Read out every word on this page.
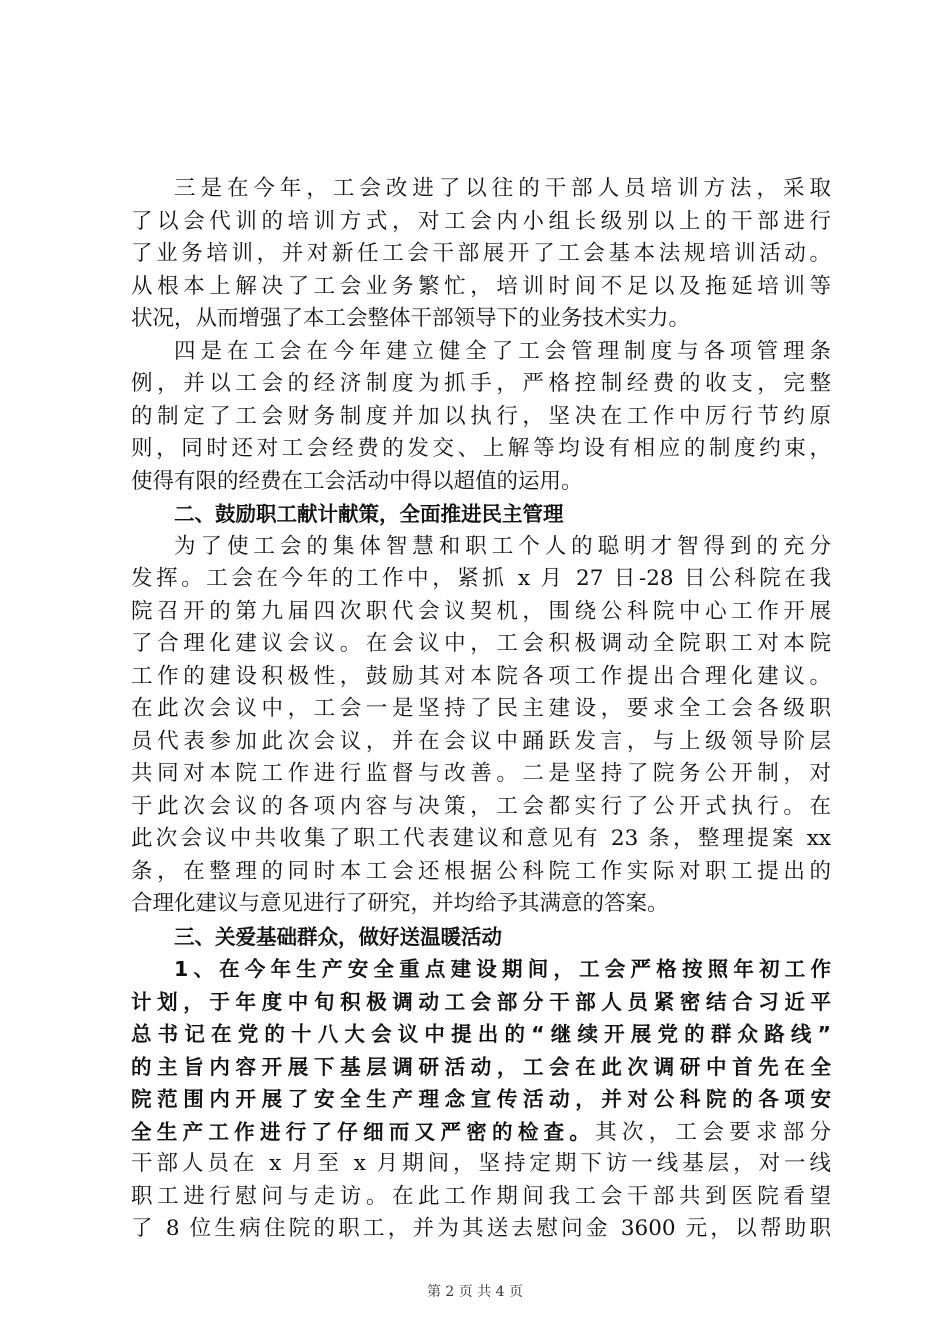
三是在今年，工会改进了以往的干部人员培训方法，采取
了以会代训的培训方式，对工会内小组长级别以上的干部进行
了业务培训，并对新任工会干部展开了工会基本法规培训活动。
从根本上解决了工会业务繁忙，培训时间不足以及拖延培训等
状况，从而增强了本工会整体干部领导下的业务技术实力。
四是在工会在今年建立健全了工会管理制度与各项管理条
例，并以工会的经济制度为抓手，严格控制经费的收支，完整
的制定了工会财务制度并加以执行，坚决在工作中厉行节约原
则，同时还对工会经费的发交、上解等均设有相应的制度约束，
使得有限的经费在工会活动中得以超值的运用。
二、鼓励职工献计献策，全面推进民主管理
为了使工会的集体智慧和职工个人的聪明才智得到的充分
发挥。工会在今年的工作中，紧抓 x 月 27 日-28 日公科院在我
院召开的第九届四次职代会议契机，围绕公科院中心工作开展
了合理化建议会议。在会议中，工会积极调动全院职工对本院
工作的建设积极性，鼓励其对本院各项工作提出合理化建议。
在此次会议中，工会一是坚持了民主建设，要求全工会各级职
员代表参加此次会议，并在会议中踊跃发言，与上级领导阶层
共同对本院工作进行监督与改善。二是坚持了院务公开制，对
于此次会议的各项内容与决策，工会都实行了公开式执行。在
此次会议中共收集了职工代表建议和意见有 23 条，整理提案 xx
条，在整理的同时本工会还根据公科院工作实际对职工提出的
合理化建议与意见进行了研究，并均给予其满意的答案。
三、关爱基础群众，做好送温暖活动
1、在今年生产安全重点建设期间，工会严格按照年初工作
计划，于年度中旬积极调动工会部分干部人员紧密结合习近平
总书记在党的十八大会议中提出的“继续开展党的群众路线”
的主旨内容开展下基层调研活动，工会在此次调研中首先在全
院范围内开展了安全生产理念宣传活动，并对公科院的各项安
全生产工作进行了仔细而又严密的检查。其次，工会要求部分
干部人员在 x 月至 x 月期间，坚持定期下访一线基层，对一线
职工进行慰问与走访。在此工作期间我工会干部共到医院看望
了 8 位生病住院的职工，并为其送去慰问金 3600 元，以帮助职
第 2 页 共 4 页
